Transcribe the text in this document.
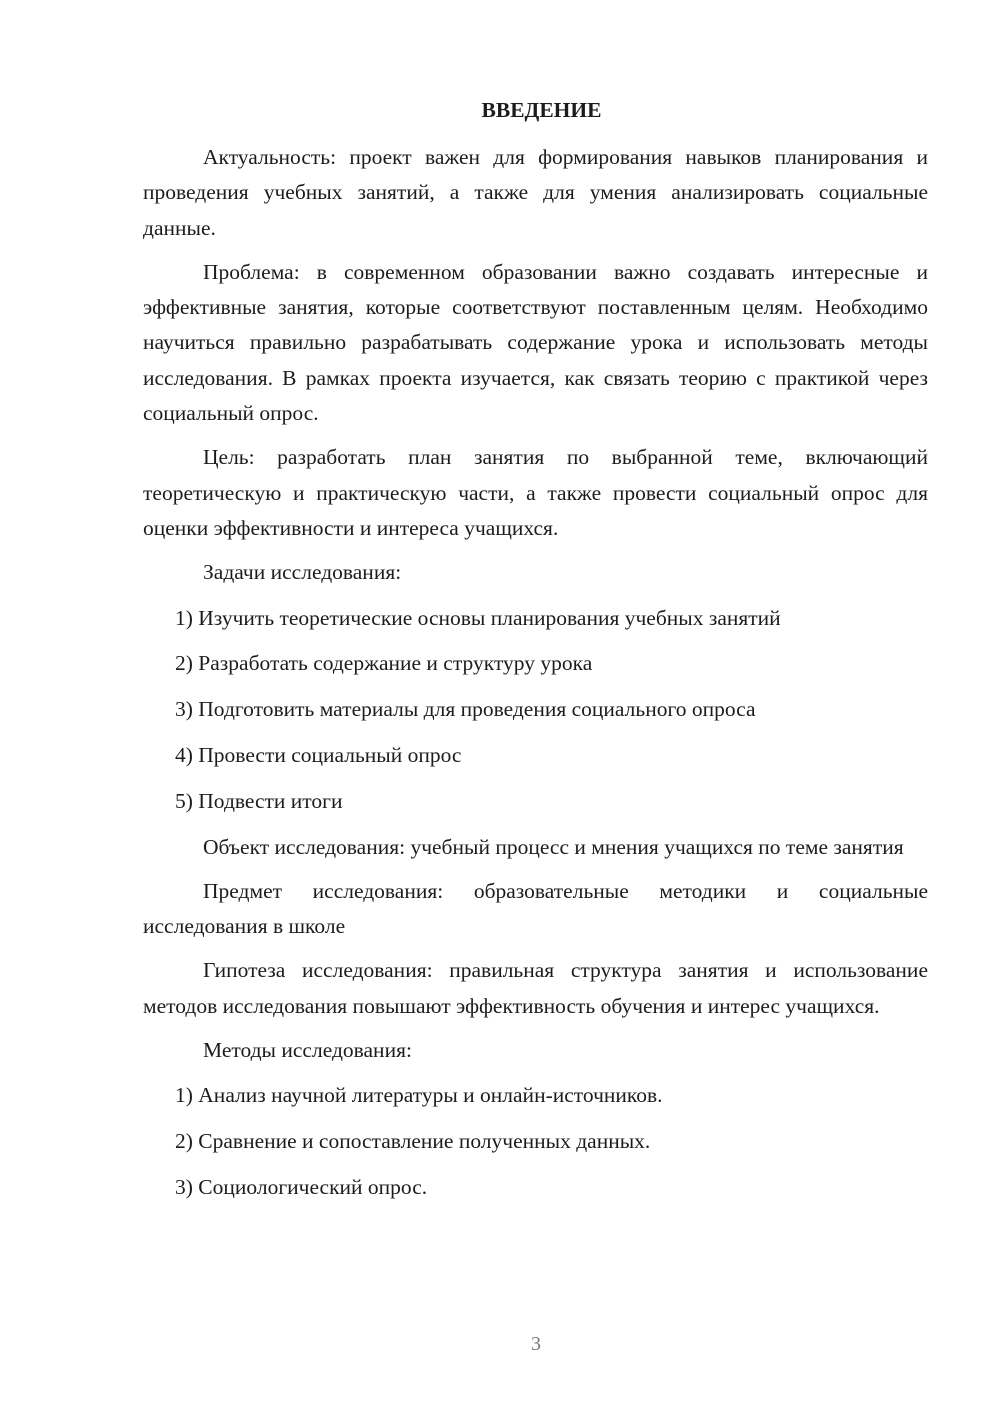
ВВЕДЕНИЕ

Актуальность: проект важен для формирования навыков планирования и проведения учебных занятий, а также для умения анализировать социальные данные.

Проблема: в современном образовании важно создавать интересные и эффективные занятия, которые соответствуют поставленным целям. Необходимо научиться правильно разрабатывать содержание урока и использовать методы исследования. В рамках проекта изучается, как связать теорию с практикой через социальный опрос.

Цель: разработать план занятия по выбранной теме, включающий теоретическую и практическую части, а также провести социальный опрос для оценки эффективности и интереса учащихся.

Задачи исследования:

1) Изучить теоретические основы планирования учебных занятий
2) Разработать содержание и структуру урока
3) Подготовить материалы для проведения социального опроса
4) Провести социальный опрос
5) Подвести итоги

Объект исследования: учебный процесс и мнения учащихся по теме занятия

Предмет исследования: образовательные методики и социальные исследования в школе

Гипотеза исследования: правильная структура занятия и использование методов исследования повышают эффективность обучения и интерес учащихся.

Методы исследования:

1) Анализ научной литературы и онлайн-источников.
2) Сравнение и сопоставление полученных данных.
3) Социологический опрос.
3
